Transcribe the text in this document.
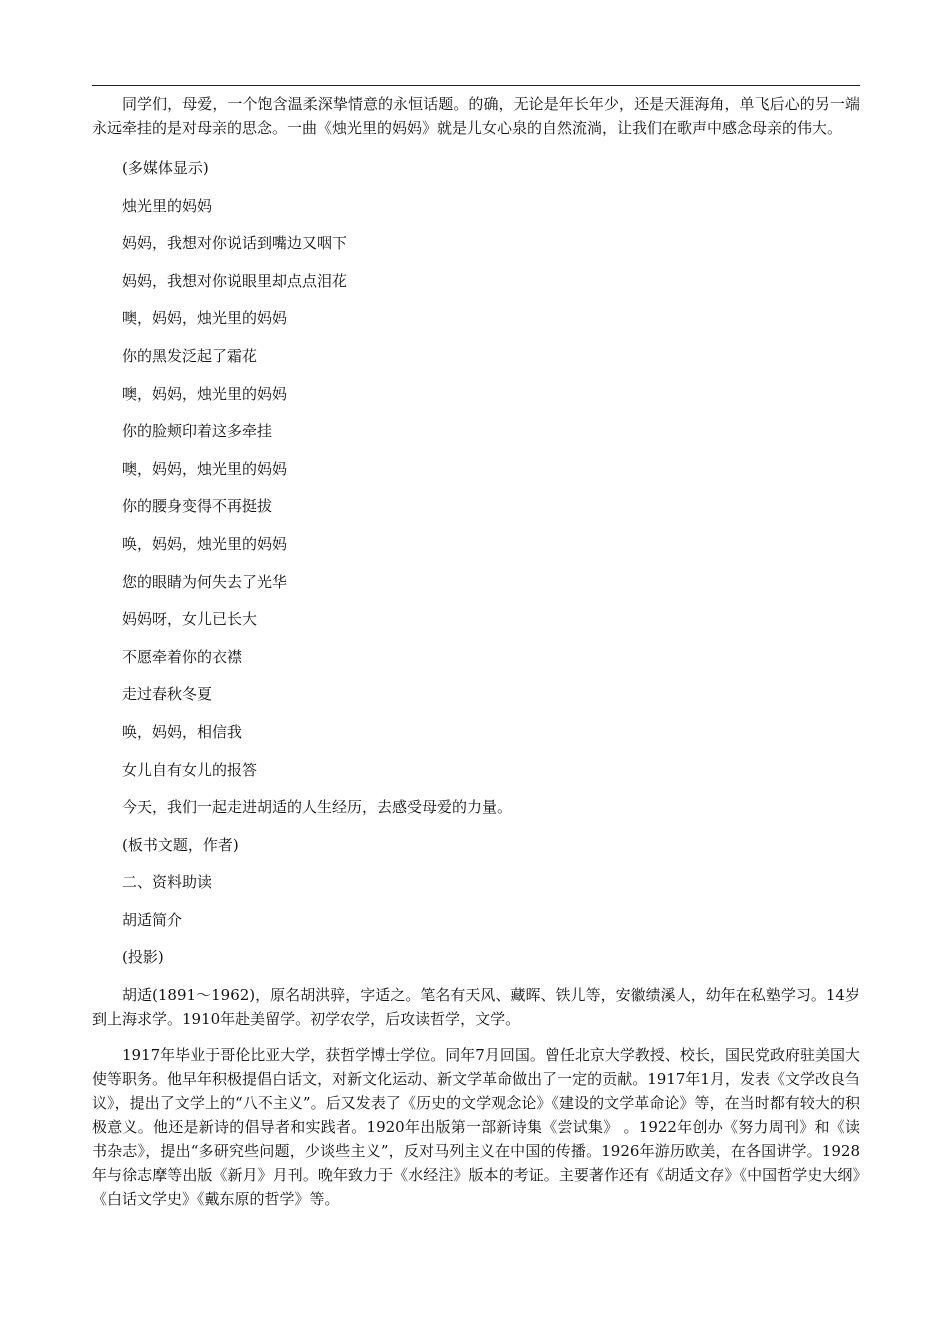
同学们，母爱，一个饱含温柔深挚情意的永恒话题。的确，无论是年长年少，还是天涯海角，单飞后心的另一端永远牵挂的是对母亲的思念。一曲《烛光里的妈妈》就是儿女心泉的自然流淌，让我们在歌声中感念母亲的伟大。

(多媒体显示)

烛光里的妈妈

妈妈，我想对你说话到嘴边又咽下

妈妈，我想对你说眼里却点点泪花

噢，妈妈，烛光里的妈妈

你的黑发泛起了霜花

噢，妈妈，烛光里的妈妈

你的脸颊印着这多牵挂

噢，妈妈，烛光里的妈妈

你的腰身变得不再挺拔

唤，妈妈，烛光里的妈妈

您的眼睛为何失去了光华

妈妈呀，女儿已长大

不愿牵着你的衣襟

走过春秋冬夏

唤，妈妈，相信我

女儿自有女儿的报答

今天，我们一起走进胡适的人生经历，去感受母爱的力量。

(板书文题，作者)

二、资料助读

胡适简介

(投影)

胡适(1891～1962)，原名胡洪骍，字适之。笔名有天风、藏晖、铁儿等，安徽绩溪人，幼年在私塾学习。14岁到上海求学。1910年赴美留学。初学农学，后攻读哲学，文学。

1917年毕业于哥伦比亚大学，获哲学博士学位。同年7月回国。曾任北京大学教授、校长，国民党政府驻美国大使等职务。他早年积极提倡白话文，对新文化运动、新文学革命做出了一定的贡献。1917年1月，发表《文学改良刍议》，提出了文学上的“八不主义”。后又发表了《历史的文学观念论》《建设的文学革命论》等，在当时都有较大的积极意义。他还是新诗的倡导者和实践者。1920年出版第一部新诗集《尝试集》 。1922年创办《努力周刊》和《读书杂志》，提出“多研究些问题，少谈些主义”，反对马列主义在中国的传播。1926年游历欧美，在各国讲学。1928年与徐志摩等出版《新月》月刊。晚年致力于《水经注》版本的考证。主要著作还有《胡适文存》《中国哲学史大纲》《白话文学史》《戴东原的哲学》等。
